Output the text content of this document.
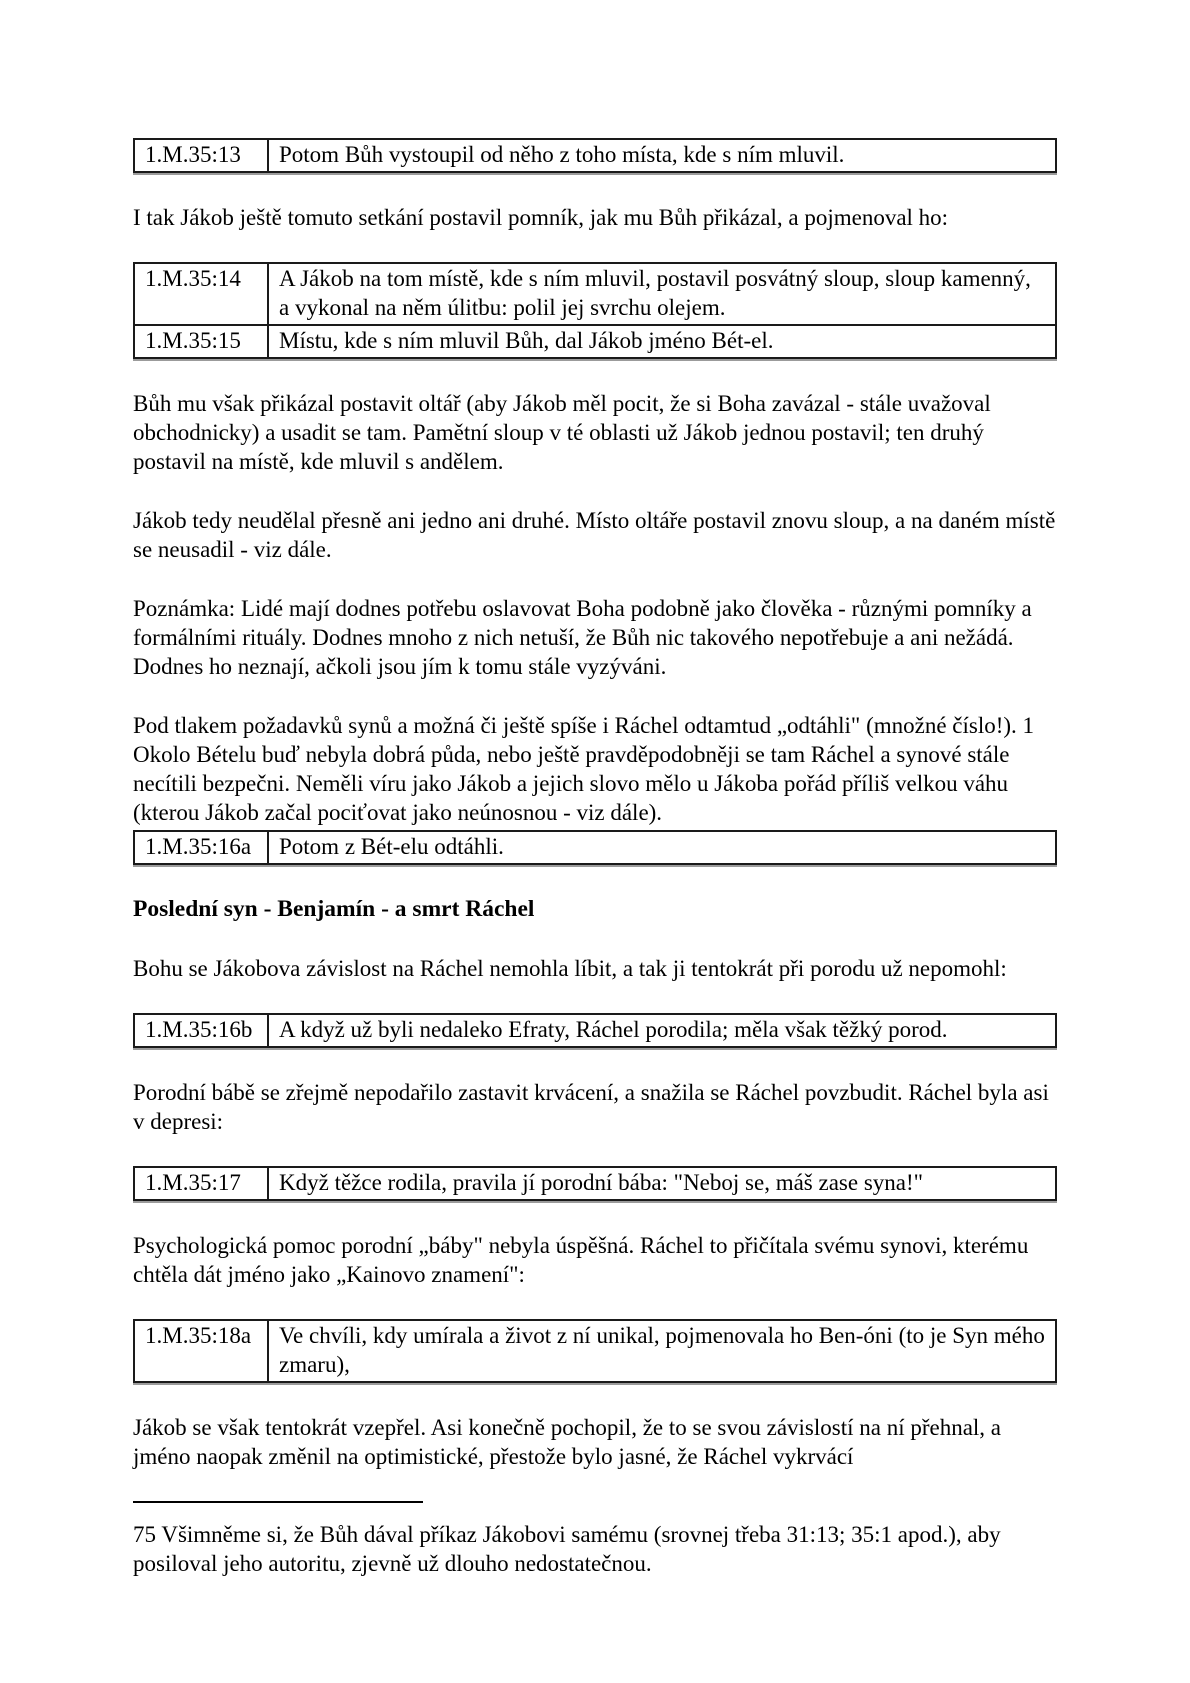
1.M.35:13	Potom Bůh vystoupil od něho z toho místa, kde s ním mluvil.

I tak Jákob ještě tomuto setkání postavil pomník, jak mu Bůh přikázal, a pojmenoval ho:

1.M.35:14	A Jákob na tom místě, kde s ním mluvil, postavil posvátný sloup, sloup kamenný, a vykonal na něm úlitbu: polil jej svrchu olejem.
1.M.35:15	Místu, kde s ním mluvil Bůh, dal Jákob jméno Bét-el.

Bůh mu však přikázal postavit oltář (aby Jákob měl pocit, že si Boha zavázal - stále uvažoval obchodnicky) a usadit se tam. Pamětní sloup v té oblasti už Jákob jednou postavil; ten druhý postavil na místě, kde mluvil s andělem.

Jákob tedy neudělal přesně ani jedno ani druhé. Místo oltáře postavil znovu sloup, a na daném místě se neusadil - viz dále.

Poznámka: Lidé mají dodnes potřebu oslavovat Boha podobně jako člověka - různými pomníky a formálními rituály. Dodnes mnoho z nich netuší, že Bůh nic takového nepotřebuje a ani nežádá. Dodnes ho neznají, ačkoli jsou jím k tomu stále vyzýváni.

Pod tlakem požadavků synů a možná či ještě spíše i Ráchel odtamtud „odtáhli" (množné číslo!). 1 Okolo Bételu buď nebyla dobrá půda, nebo ještě pravděpodobněji se tam Ráchel a synové stále necítili bezpečni. Neměli víru jako Jákob a jejich slovo mělo u Jákoba pořád příliš velkou váhu (kterou Jákob začal pociťovat jako neúnosnou - viz dále).

1.M.35:16a	Potom z Bét-elu odtáhli.
Poslední syn - Benjamín - a smrt Ráchel

Bohu se Jákobova závislost na Ráchel nemohla líbit, a tak ji tentokrát při porodu už nepomohl:

1.M.35:16b	A když už byli nedaleko Efraty, Ráchel porodila; měla však těžký porod.

Porodní bábě se zřejmě nepodařilo zastavit krvácení, a snažila se Ráchel povzbudit. Ráchel byla asi v depresi:

1.M.35:17	Když těžce rodila, pravila jí porodní bába: "Neboj se, máš zase syna!"

Psychologická pomoc porodní „báby" nebyla úspěšná. Ráchel to přičítala svému synovi, kterému chtěla dát jméno jako „Kainovo znamení":

1.M.35:18a	Ve chvíli, kdy umírala a život z ní unikal, pojmenovala ho Ben-óni (to je Syn mého zmaru),

Jákob se však tentokrát vzepřel. Asi konečně pochopil, že to se svou závislostí na ní přehnal, a jméno naopak změnil na optimistické, přestože bylo jasné, že Ráchel vykrvácí

75 Všimněme si, že Bůh dával příkaz Jákobovi samému (srovnej třeba 31:13; 35:1 apod.), aby posiloval jeho autoritu, zjevně už dlouho nedostatečnou.
